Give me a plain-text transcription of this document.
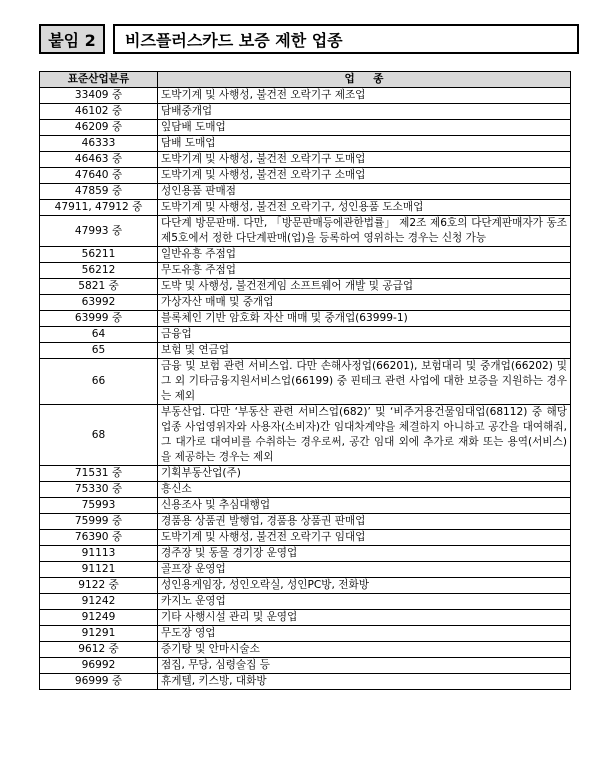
붙임 2	비즈플러스카드 보증 제한 업종
표준산업분류	업     종
33409 중	도박기계 및 사행성, 불건전 오락기구 제조업
46102 중	담배중개업
46209 중	잎담배 도매업
46333	담배 도매업
46463 중	도박기계 및 사행성, 불건전 오락기구 도매업
47640 중	도박기계 및 사행성, 불건전 오락기구 소매업
47859 중	성인용품 판매점
47911, 47912 중	도박기계 및 사행성, 불건전 오락기구, 성인용품 도소매업
47993 중	다단계 방문판매. 다만, 「방문판매등에관한법률」 제2조 제6호의 다단계판매자가 동조 제5호에서 정한 다단계판매(업)을 등록하여 영위하는 경우는 신청 가능
56211	일반유흥 주점업
56212	무도유흥 주점업
5821 중	도박 및 사행성, 불건전게임 소프트웨어 개발 및 공급업
63992	가상자산 매매 및 중개업
63999 중	블록체인 기반 암호화 자산 매매 및 중개업(63999-1)
64	금융업
65	보험 및 연금업
66	금융 및 보험 관련 서비스업. 다만 손해사정업(66201), 보험대리 및 중개업(66202) 및 그 외 기타금융지원서비스업(66199) 중 핀테크 관련 사업에 대한 보증을 지원하는 경우는 제외
68	부동산업. 다만 ‘부동산 관련 서비스업(682)’ 및 ‘비주거용건물임대업(68112) 중 해당 업종 사업영위자와 사용자(소비자)간 임대차계약을 체결하지 아니하고 공간을 대여해줘, 그 대가로 대여비를 수취하는 경우로써, 공간 임대 외에 추가로 재화 또는 용역(서비스)을 제공하는 경우는 제외
71531 중	기획부동산업(주)
75330 중	흥신소
75993	신용조사 및 추심대행업
75999 중	경품용 상품권 발행업, 경품용 상품권 판매업
76390 중	도박기계 및 사행성, 불건전 오락기구 임대업
91113	경주장 및 동물 경기장 운영업
91121	골프장 운영업
9122 중	성인용게임장, 성인오락실, 성인PC방, 전화방
91242	카지노 운영업
91249	기타 사행시설 관리 및 운영업
91291	무도장 영업
9612 중	증기탕 및 안마시술소
96992	점집, 무당, 심령술집 등
96999 중	휴게텔, 키스방, 대화방
